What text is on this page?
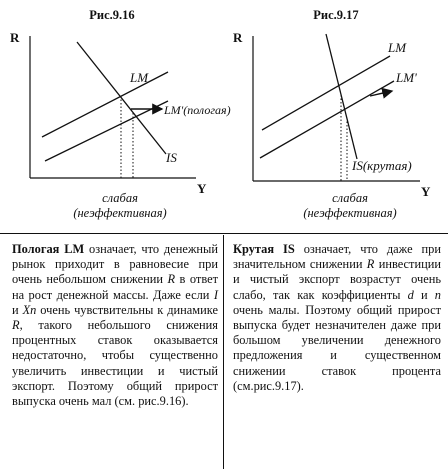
Рис.9.16
R
Y
LM
LM'(пологая)
IS
слабая
(неэффективная)
Рис.9.17
R
Y
LM
LM'
IS(крутая)
слабая
(неэффективная)
Пологая LM означает, что денежный рынок приходит в равновесие при очень небольшом снижении R в ответ на рост денежной массы. Даже если I и Xn очень чувствительны к динамике R, такого небольшого снижения процентных ставок оказывается недостаточно, чтобы существенно увеличить инвестиции и чистый экспорт. Поэтому общий прирост выпуска очень мал (см. рис.9.16).
Крутая IS означает, что даже при значительном снижении R инвестиции и чистый экспорт возрастут очень слабо, так как коэффициенты d и n очень малы. Поэтому общий прирост выпуска будет незначителен даже при большом увеличении денежного предложения и существенном снижении ставок процента (см.рис.9.17).
